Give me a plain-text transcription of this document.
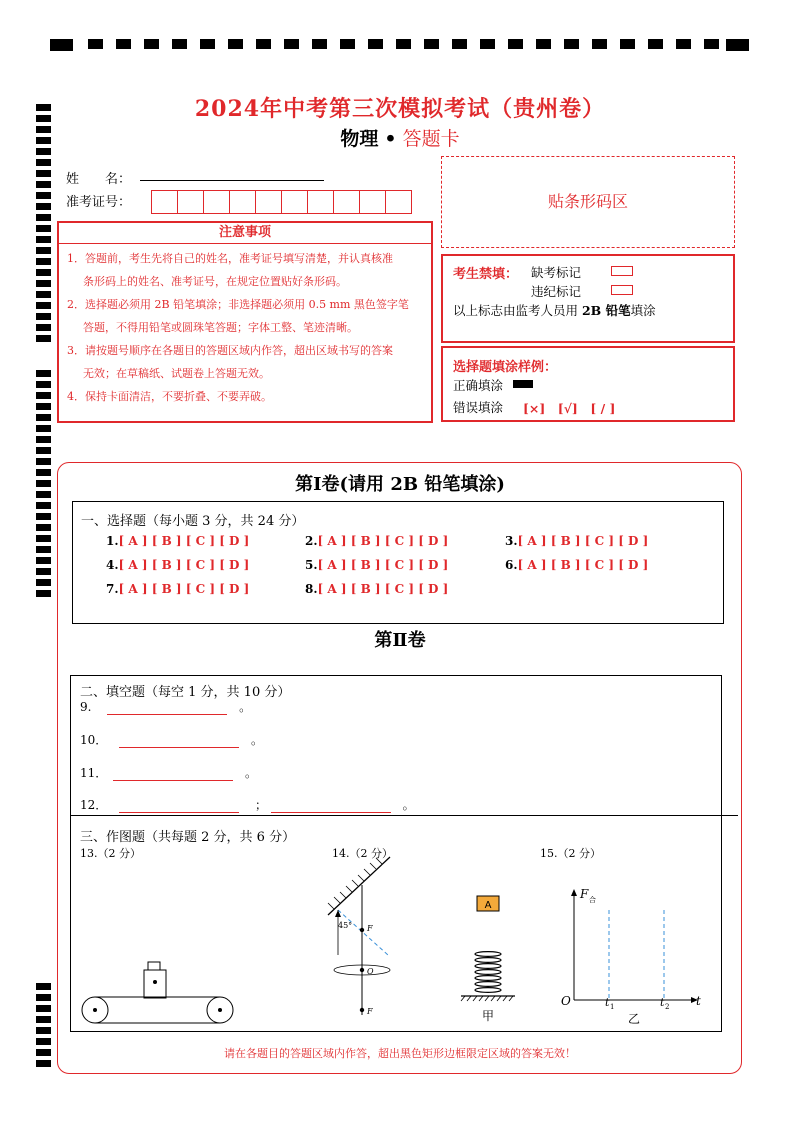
2024年中考第三次模拟考试（贵州卷）
物理 • 答题卡
姓　　名：
准考证号：	贴条形码区
注意事项
1．答题前，考生先将自己的姓名，准考证号填写清楚，并认真核准
条形码上的姓名、准考证号，在规定位置贴好条形码。
2．选择题必须用 2B 铅笔填涂；非选择题必须用 0.5 mm 黑色签字笔
答题，不得用铅笔或圆珠笔答题；字体工整、笔迹清晰。
3．请按题号顺序在各题目的答题区域内作答，超出区域书写的答案
无效；在草稿纸、试题卷上答题无效。
4．保持卡面清洁，不要折叠、不要弄破。
考生禁填： 缺考标记
违纪标记
以上标志由监考人员用 2B 铅笔填涂
选择题填涂样例：
正确填涂
错误填涂 [×]　[√]　[ / ]
第Ⅰ卷(请用 2B 铅笔填涂)
一、选择题（每小题 3 分，共 24 分）
1.[ A ] [ B ] [ C ] [ D ]	2.[ A ] [ B ] [ C ] [ D ]	3.[ A ] [ B ] [ C ] [ D ]
4.[ A ] [ B ] [ C ] [ D ]	5.[ A ] [ B ] [ C ] [ D ]	6.[ A ] [ B ] [ C ] [ D ]
7.[ A ] [ B ] [ C ] [ D ]	8.[ A ] [ B ] [ C ] [ D ]
第Ⅱ卷
二、填空题（每空 1 分，共 10 分）
9.	。
10．	。
11．	。
12．	；	。
三、作图题（共每题 2 分，共 6 分）
13.（2 分）	14.（2 分）	15.（2 分）
45° F
O
F
A
甲
F 合
O	t
t 1	t 2
乙
请在各题目的答题区域内作答，超出黑色矩形边框限定区域的答案无效！
